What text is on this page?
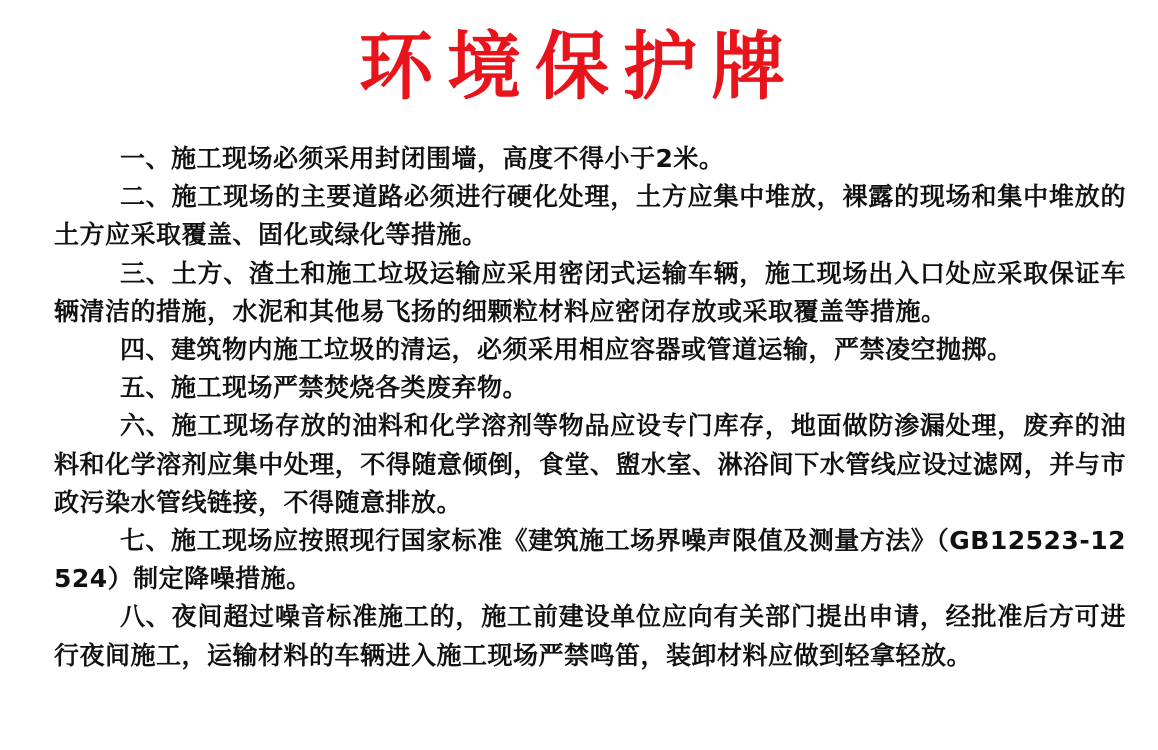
环境保护牌
一、施工现场必须采用封闭围墙，高度不得小于2米。
二、施工现场的主要道路必须进行硬化处理，土方应集中堆放，裸露的现场和集中堆放的土方应采取覆盖、固化或绿化等措施。
三、土方、渣土和施工垃圾运输应采用密闭式运输车辆，施工现场出入口处应采取保证车辆清洁的措施，水泥和其他易飞扬的细颗粒材料应密闭存放或采取覆盖等措施。
四、建筑物内施工垃圾的清运，必须采用相应容器或管道运输，严禁凌空抛掷。
五、施工现场严禁焚烧各类废弃物。
六、施工现场存放的油料和化学溶剂等物品应设专门库存，地面做防渗漏处理，废弃的油料和化学溶剂应集中处理，不得随意倾倒，食堂、盥水室、淋浴间下水管线应设过滤网，并与市政污染水管线链接，不得随意排放。
七、施工现场应按照现行国家标准《建筑施工场界噪声限值及测量方法》（GB12523-12524）制定降噪措施。
八、夜间超过噪音标准施工的，施工前建设单位应向有关部门提出申请，经批准后方可进行夜间施工，运输材料的车辆进入施工现场严禁鸣笛，装卸材料应做到轻拿轻放。
